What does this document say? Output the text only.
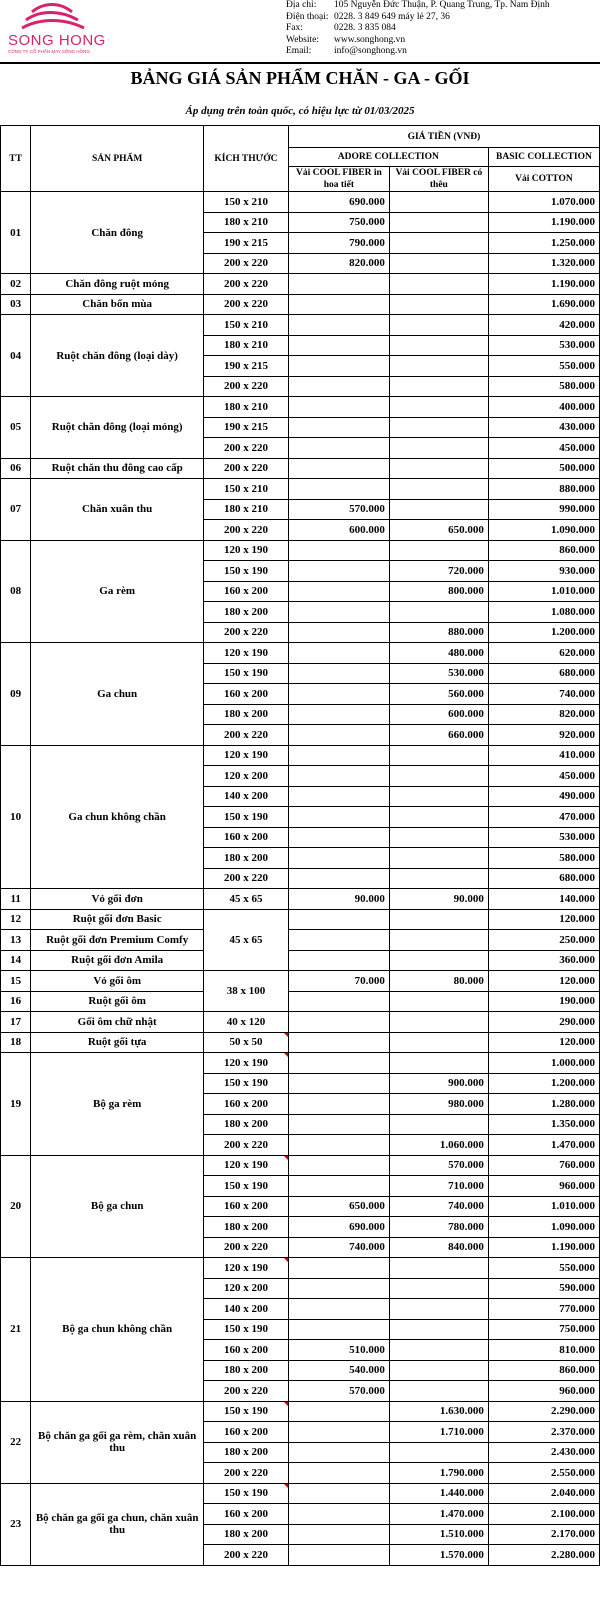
SONG HONG
CÔNG TY CỔ PHẦN MAY SÔNG HỒNG
Địa chỉ:	105 Nguyễn Đức Thuận, P. Quang Trung, Tp. Nam Định
Điện thoại: 0228. 3 849 649 máy lẻ 27, 36
Fax:	0228. 3 835 084
Website:	www.songhong.vn
Email:	info@songhong.vn
BẢNG GIÁ SẢN PHẨM CHĂN - GA - GỐI
Áp dụng trên toàn quốc, có hiệu lực từ 01/03/2025
TT	SẢN PHẨM	KÍCH THƯỚC	GIÁ TIỀN (VNĐ)		
			ADORE COLLECTION		BASIC COLLECTION
			Vải COOL FIBER in hoa tiết	Vải COOL FIBER có thêu	Vải COTTON
01	Chăn đông	150 x 210	690.000		1.070.000
		180 x 210	750.000		1.190.000
		190 x 215	790.000		1.250.000
		200 x 220	820.000		1.320.000
02	Chăn đông ruột mỏng	200 x 220			1.190.000
03	Chăn bốn mùa	200 x 220			1.690.000
04	Ruột chăn đông (loại dày)	150 x 210			420.000
		180 x 210			530.000
		190 x 215			550.000
		200 x 220			580.000
05	Ruột chăn đông (loại mỏng)	180 x 210			400.000
		190 x 215			430.000
		200 x 220			450.000
06	Ruột chăn thu đông cao cấp	200 x 220			500.000
07	Chăn xuân thu	150 x 210			880.000
		180 x 210	570.000		990.000
		200 x 220	600.000	650.000	1.090.000
08	Ga rèm	120 x 190			860.000
		150 x 190		720.000	930.000
		160 x 200		800.000	1.010.000
		180 x 200			1.080.000
		200 x 220		880.000	1.200.000
09	Ga chun	120 x 190		480.000	620.000
		150 x 190		530.000	680.000
		160 x 200		560.000	740.000
		180 x 200		600.000	820.000
		200 x 220		660.000	920.000
10	Ga chun không chần	120 x 190			410.000
		120 x 200			450.000
		140 x 200			490.000
		150 x 190			470.000
		160 x 200			530.000
		180 x 200			580.000
		200 x 220			680.000
11	Vỏ gối đơn	45 x 65	90.000	90.000	140.000
12	Ruột gối đơn Basic	45 x 65			120.000
13	Ruột gối đơn Premium Comfy				250.000
14	Ruột gối đơn Amila				360.000
15	Vỏ gối ôm	38 x 100	70.000	80.000	120.000
16	Ruột gối ôm				190.000
17	Gối ôm chữ nhật	40 x 120			290.000
18	Ruột gối tựa	50 x 50			120.000
19	Bộ ga rèm	120 x 190			1.000.000
		150 x 190		900.000	1.200.000
		160 x 200		980.000	1.280.000
		180 x 200			1.350.000
		200 x 220		1.060.000	1.470.000
20	Bộ ga chun	120 x 190		570.000	760.000
		150 x 190		710.000	960.000
		160 x 200	650.000	740.000	1.010.000
		180 x 200	690.000	780.000	1.090.000
		200 x 220	740.000	840.000	1.190.000
21	Bộ ga chun không chần	120 x 190			550.000
		120 x 200			590.000
		140 x 200			770.000
		150 x 190			750.000
		160 x 200	510.000		810.000
		180 x 200	540.000		860.000
		200 x 220	570.000		960.000
22	Bộ chăn ga gối ga rèm, chăn xuân thu	150 x 190		1.630.000	2.290.000
		160 x 200		1.710.000	2.370.000
		180 x 200			2.430.000
		200 x 220		1.790.000	2.550.000
23	Bộ chăn ga gối ga chun, chăn xuân thu	150 x 190		1.440.000	2.040.000
		160 x 200		1.470.000	2.100.000
		180 x 200		1.510.000	2.170.000
		200 x 220		1.570.000	2.280.000
